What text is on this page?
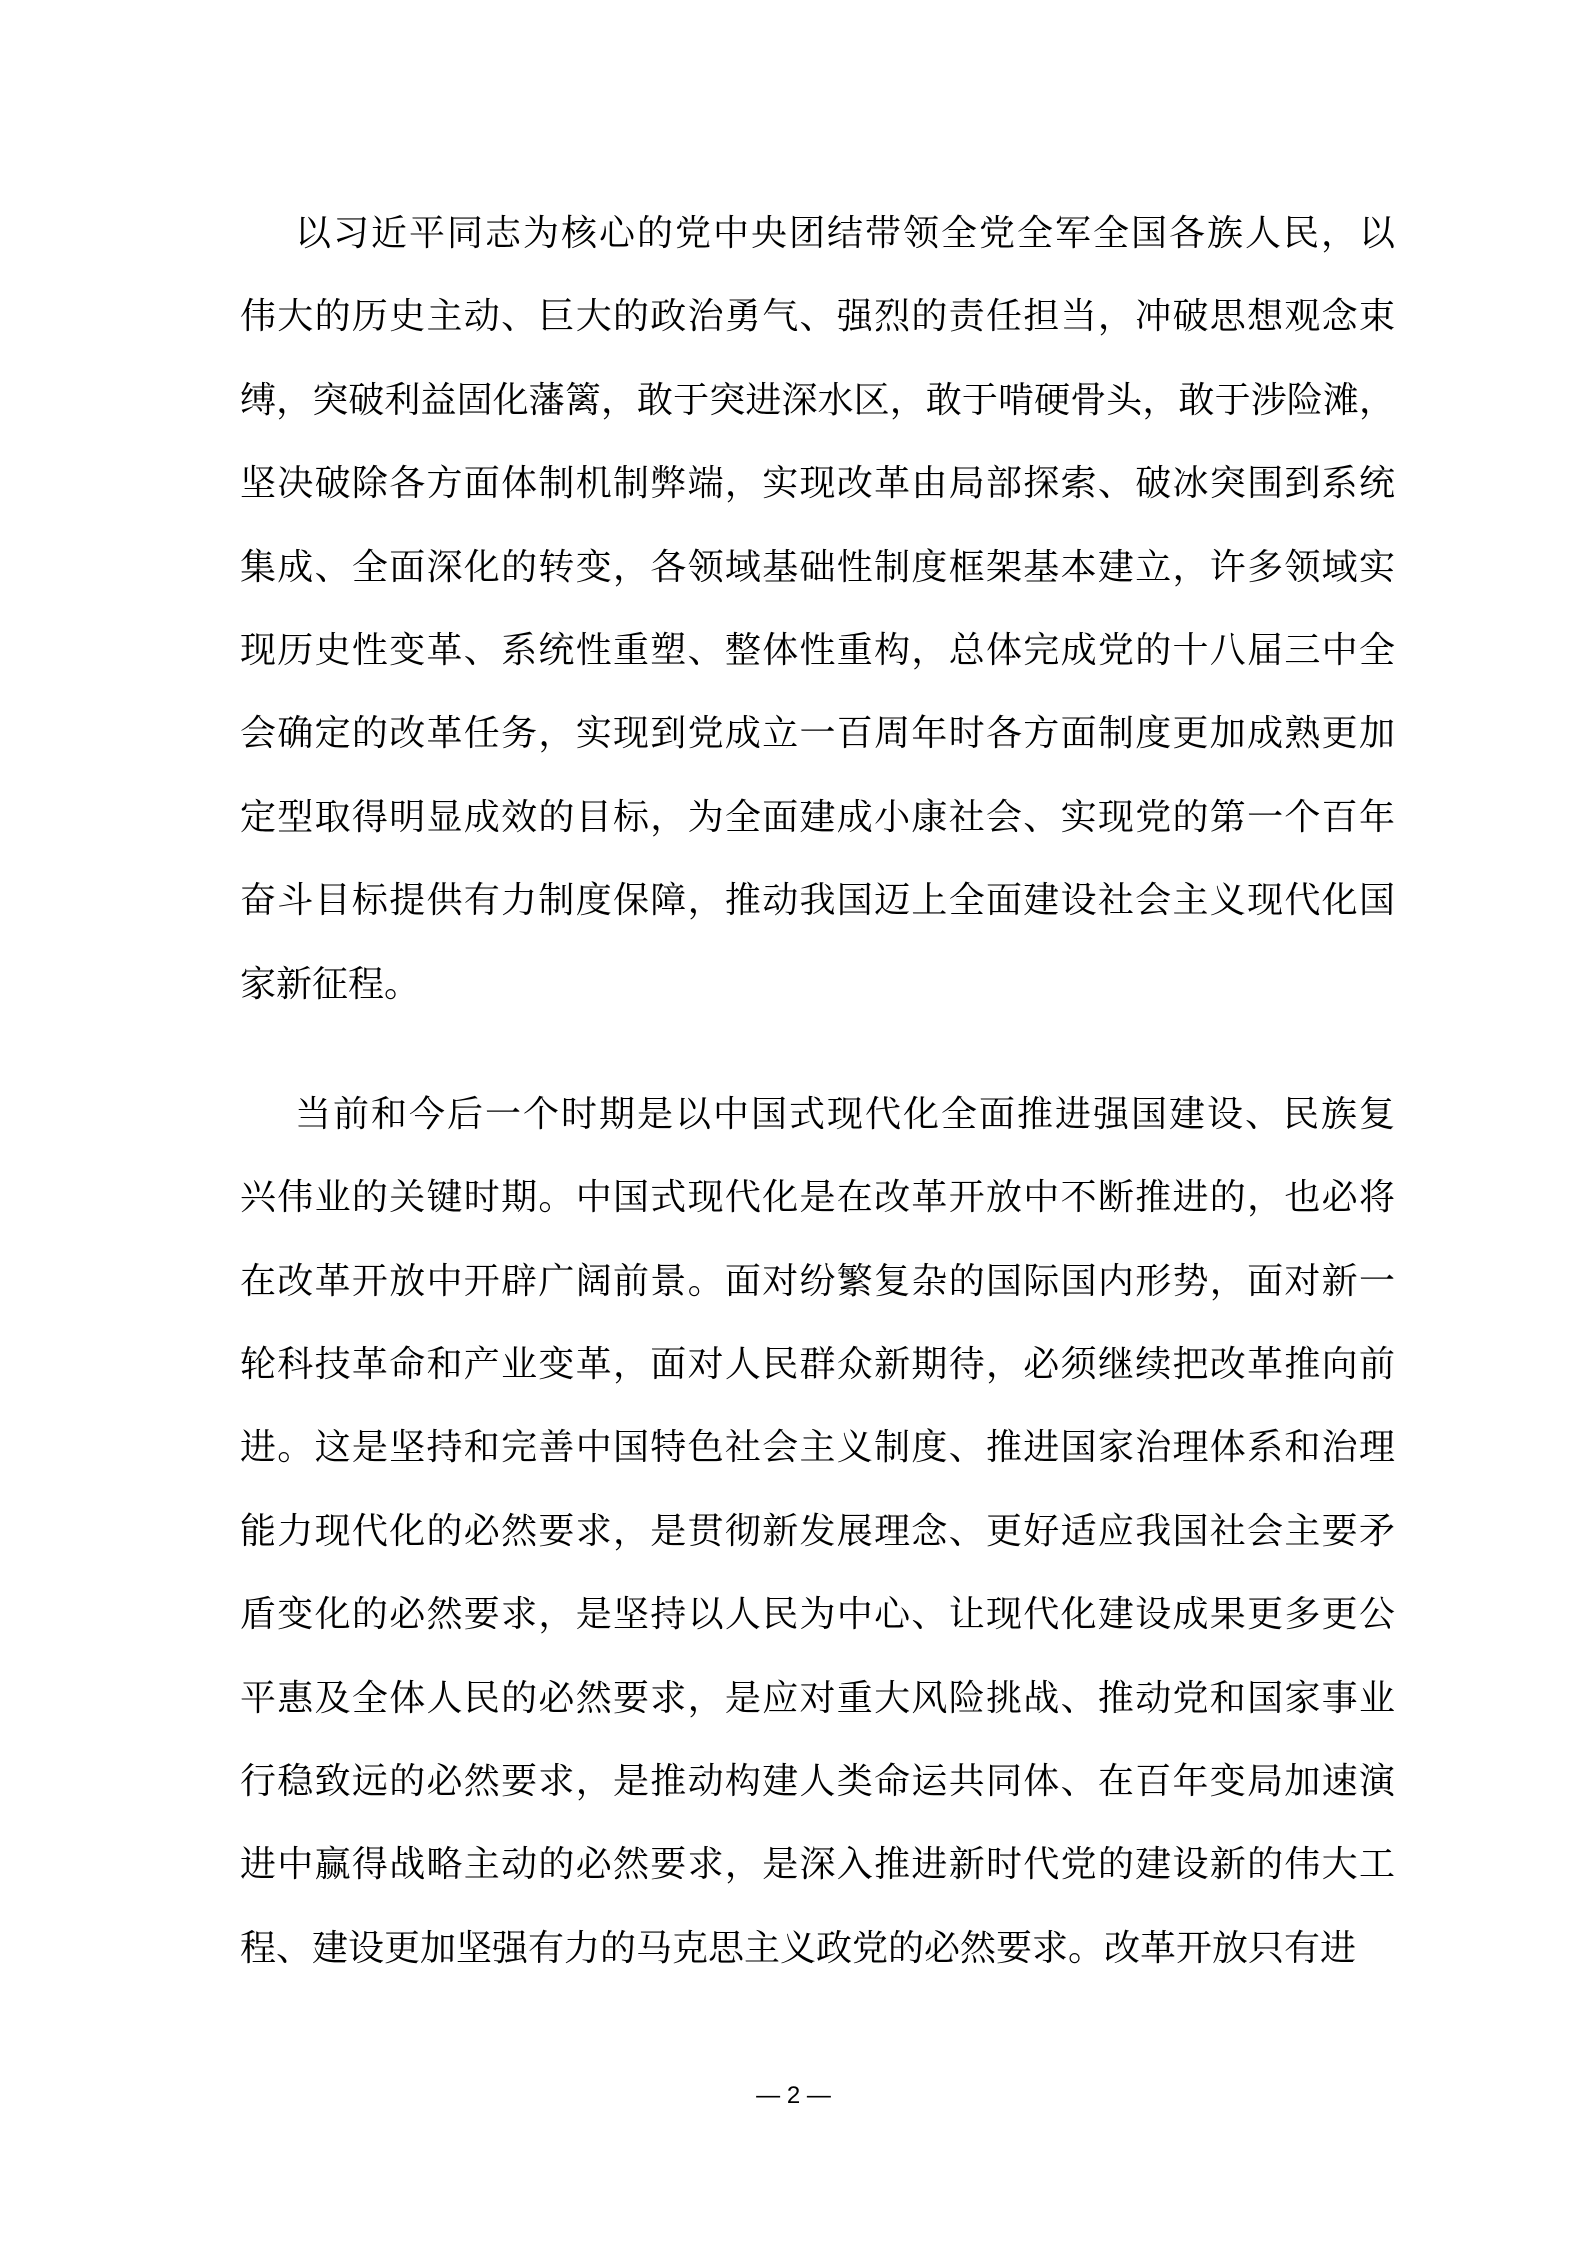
以习近平同志为核心的党中央团结带领全党全军全国各族人民，以
伟大的历史主动、巨大的政治勇气、强烈的责任担当，冲破思想观念束
缚，突破利益固化藩篱，敢于突进深水区，敢于啃硬骨头，敢于涉险滩，
坚决破除各方面体制机制弊端，实现改革由局部探索、破冰突围到系统
集成、全面深化的转变，各领域基础性制度框架基本建立，许多领域实
现历史性变革、系统性重塑、整体性重构，总体完成党的十八届三中全
会确定的改革任务，实现到党成立一百周年时各方面制度更加成熟更加
定型取得明显成效的目标，为全面建成小康社会、实现党的第一个百年
奋斗目标提供有力制度保障，推动我国迈上全面建设社会主义现代化国
家新征程。
当前和今后一个时期是以中国式现代化全面推进强国建设、民族复
兴伟业的关键时期。中国式现代化是在改革开放中不断推进的，也必将
在改革开放中开辟广阔前景。面对纷繁复杂的国际国内形势，面对新一
轮科技革命和产业变革，面对人民群众新期待，必须继续把改革推向前
进。这是坚持和完善中国特色社会主义制度、推进国家治理体系和治理
能力现代化的必然要求，是贯彻新发展理念、更好适应我国社会主要矛
盾变化的必然要求，是坚持以人民为中心、让现代化建设成果更多更公
平惠及全体人民的必然要求，是应对重大风险挑战、推动党和国家事业
行稳致远的必然要求，是推动构建人类命运共同体、在百年变局加速演
进中赢得战略主动的必然要求，是深入推进新时代党的建设新的伟大工
程、建设更加坚强有力的马克思主义政党的必然要求。改革开放只有进
— 2 —
